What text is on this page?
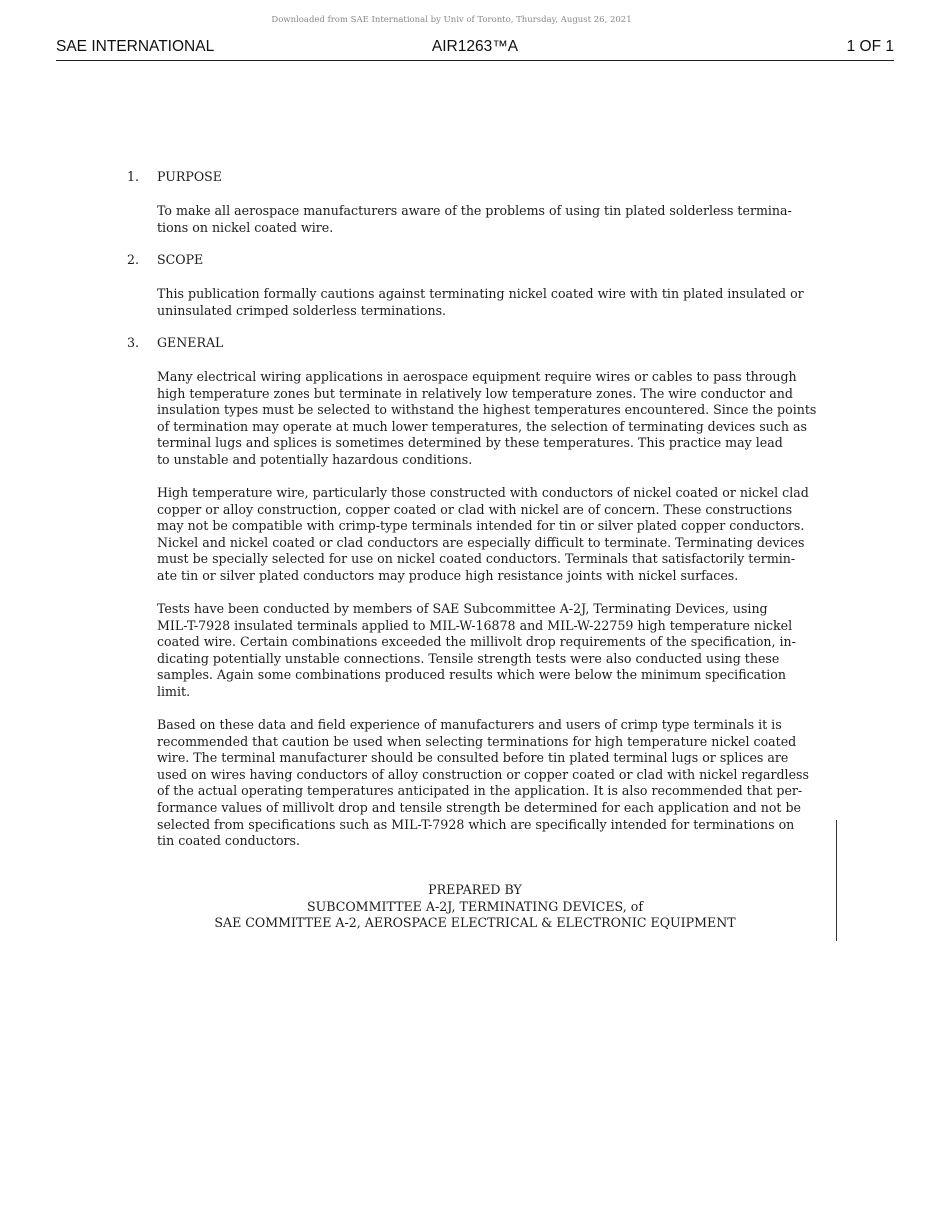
Downloaded from SAE International by Univ of Toronto, Thursday, August 26, 2021
SAE INTERNATIONAL	AIR1263™A	1 OF 1
1. PURPOSE
To make all aerospace manufacturers aware of the problems of using tin plated solderless termina-
tions on nickel coated wire.
2. SCOPE
This publication formally cautions against terminating nickel coated wire with tin plated insulated or
uninsulated crimped solderless terminations.
3. GENERAL
Many electrical wiring applications in aerospace equipment require wires or cables to pass through
high temperature zones but terminate in relatively low temperature zones. The wire conductor and
insulation types must be selected to withstand the highest temperatures encountered. Since the points
of termination may operate at much lower temperatures, the selection of terminating devices such as
terminal lugs and splices is sometimes determined by these temperatures. This practice may lead
to unstable and potentially hazardous conditions.
High temperature wire, particularly those constructed with conductors of nickel coated or nickel clad
copper or alloy construction, copper coated or clad with nickel are of concern. These constructions
may not be compatible with crimp-type terminals intended for tin or silver plated copper conductors.
Nickel and nickel coated or clad conductors are especially difficult to terminate. Terminating devices
must be specially selected for use on nickel coated conductors. Terminals that satisfactorily termin-
ate tin or silver plated conductors may produce high resistance joints with nickel surfaces.
Tests have been conducted by members of SAE Subcommittee A-2J, Terminating Devices, using
MIL-T-7928 insulated terminals applied to MIL-W-16878 and MIL-W-22759 high temperature nickel
coated wire. Certain combinations exceeded the millivolt drop requirements of the specification, in-
dicating potentially unstable connections. Tensile strength tests were also conducted using these
samples. Again some combinations produced results which were below the minimum specification
limit.
Based on these data and field experience of manufacturers and users of crimp type terminals it is
recommended that caution be used when selecting terminations for high temperature nickel coated
wire. The terminal manufacturer should be consulted before tin plated terminal lugs or splices are
used on wires having conductors of alloy construction or copper coated or clad with nickel regardless
of the actual operating temperatures anticipated in the application. It is also recommended that per-
formance values of millivolt drop and tensile strength be determined for each application and not be
selected from specifications such as MIL-T-7928 which are specifically intended for terminations on
tin coated conductors.
PREPARED BY
SUBCOMMITTEE A-2J, TERMINATING DEVICES, of
SAE COMMITTEE A-2, AEROSPACE ELECTRICAL & ELECTRONIC EQUIPMENT
